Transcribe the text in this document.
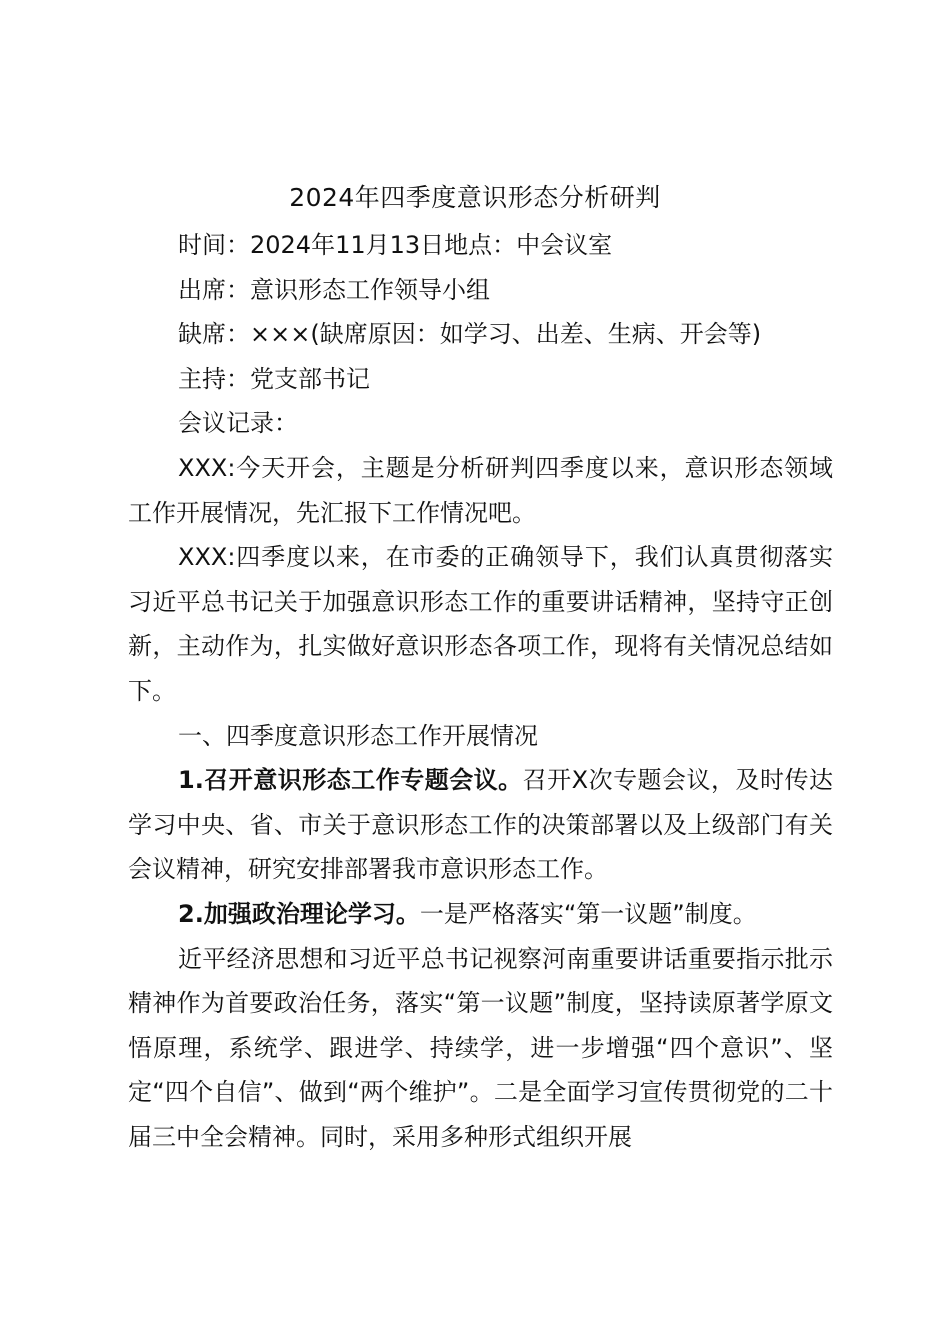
2024年四季度意识形态分析研判

时间：2024年11月13日地点：中会议室

出席：意识形态工作领导小组

缺席：×××(缺席原因：如学习、出差、生病、开会等)

主持：党支部书记

会议记录：

XXX:今天开会，主题是分析研判四季度以来，意识形态领域工作开展情况，先汇报下工作情况吧。

XXX:四季度以来，在市委的正确领导下，我们认真贯彻落实习近平总书记关于加强意识形态工作的重要讲话精神，坚持守正创新，主动作为，扎实做好意识形态各项工作，现将有关情况总结如下。

一、四季度意识形态工作开展情况

1.召开意识形态工作专题会议。召开X次专题会议，及时传达学习中央、省、市关于意识形态工作的决策部署以及上级部门有关会议精神，研究安排部署我市意识形态工作。

2.加强政治理论学习。一是严格落实“第一议题”制度。

近平经济思想和习近平总书记视察河南重要讲话重要指示批示精神作为首要政治任务，落实“第一议题”制度，坚持读原著学原文悟原理，系统学、跟进学、持续学，进一步增强“四个意识”、坚定“四个自信”、做到“两个维护”。二是全面学习宣传贯彻党的二十届三中全会精神。同时，采用多种形式组织开展
